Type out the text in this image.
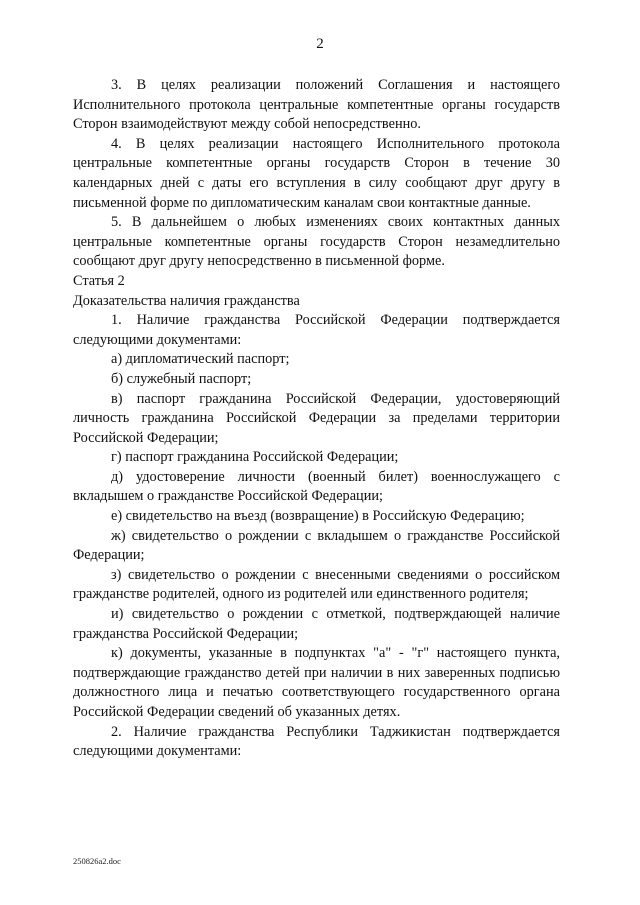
2

3. В целях реализации положений Соглашения и настоящего Исполнительного протокола центральные компетентные органы государств Сторон взаимодействуют между собой непосредственно.

4. В целях реализации настоящего Исполнительного протокола центральные компетентные органы государств Сторон в течение 30 календарных дней с даты его вступления в силу сообщают друг другу в письменной форме по дипломатическим каналам свои контактные данные.

5. В дальнейшем о любых изменениях своих контактных данных центральные компетентные органы государств Сторон незамедлительно сообщают друг другу непосредственно в письменной форме.

Статья 2

Доказательства наличия гражданства

1. Наличие гражданства Российской Федерации подтверждается следующими документами:

а) дипломатический паспорт;

б) служебный паспорт;

в) паспорт гражданина Российской Федерации, удостоверяющий личность гражданина Российской Федерации за пределами территории Российской Федерации;

г) паспорт гражданина Российской Федерации;

д) удостоверение личности (военный билет) военнослужащего с вкладышем о гражданстве Российской Федерации;

е) свидетельство на въезд (возвращение) в Российскую Федерацию;

ж) свидетельство о рождении с вкладышем о гражданстве Российской Федерации;

з) свидетельство о рождении с внесенными сведениями о российском гражданстве родителей, одного из родителей или единственного родителя;

и) свидетельство о рождении с отметкой, подтверждающей наличие гражданства Российской Федерации;

к) документы, указанные в подпунктах "а" - "г" настоящего пункта, подтверждающие гражданство детей при наличии в них заверенных подписью должностного лица и печатью соответствующего государственного органа Российской Федерации сведений об указанных детях.

2. Наличие гражданства Республики Таджикистан подтверждается следующими документами:

250826a2.doc
